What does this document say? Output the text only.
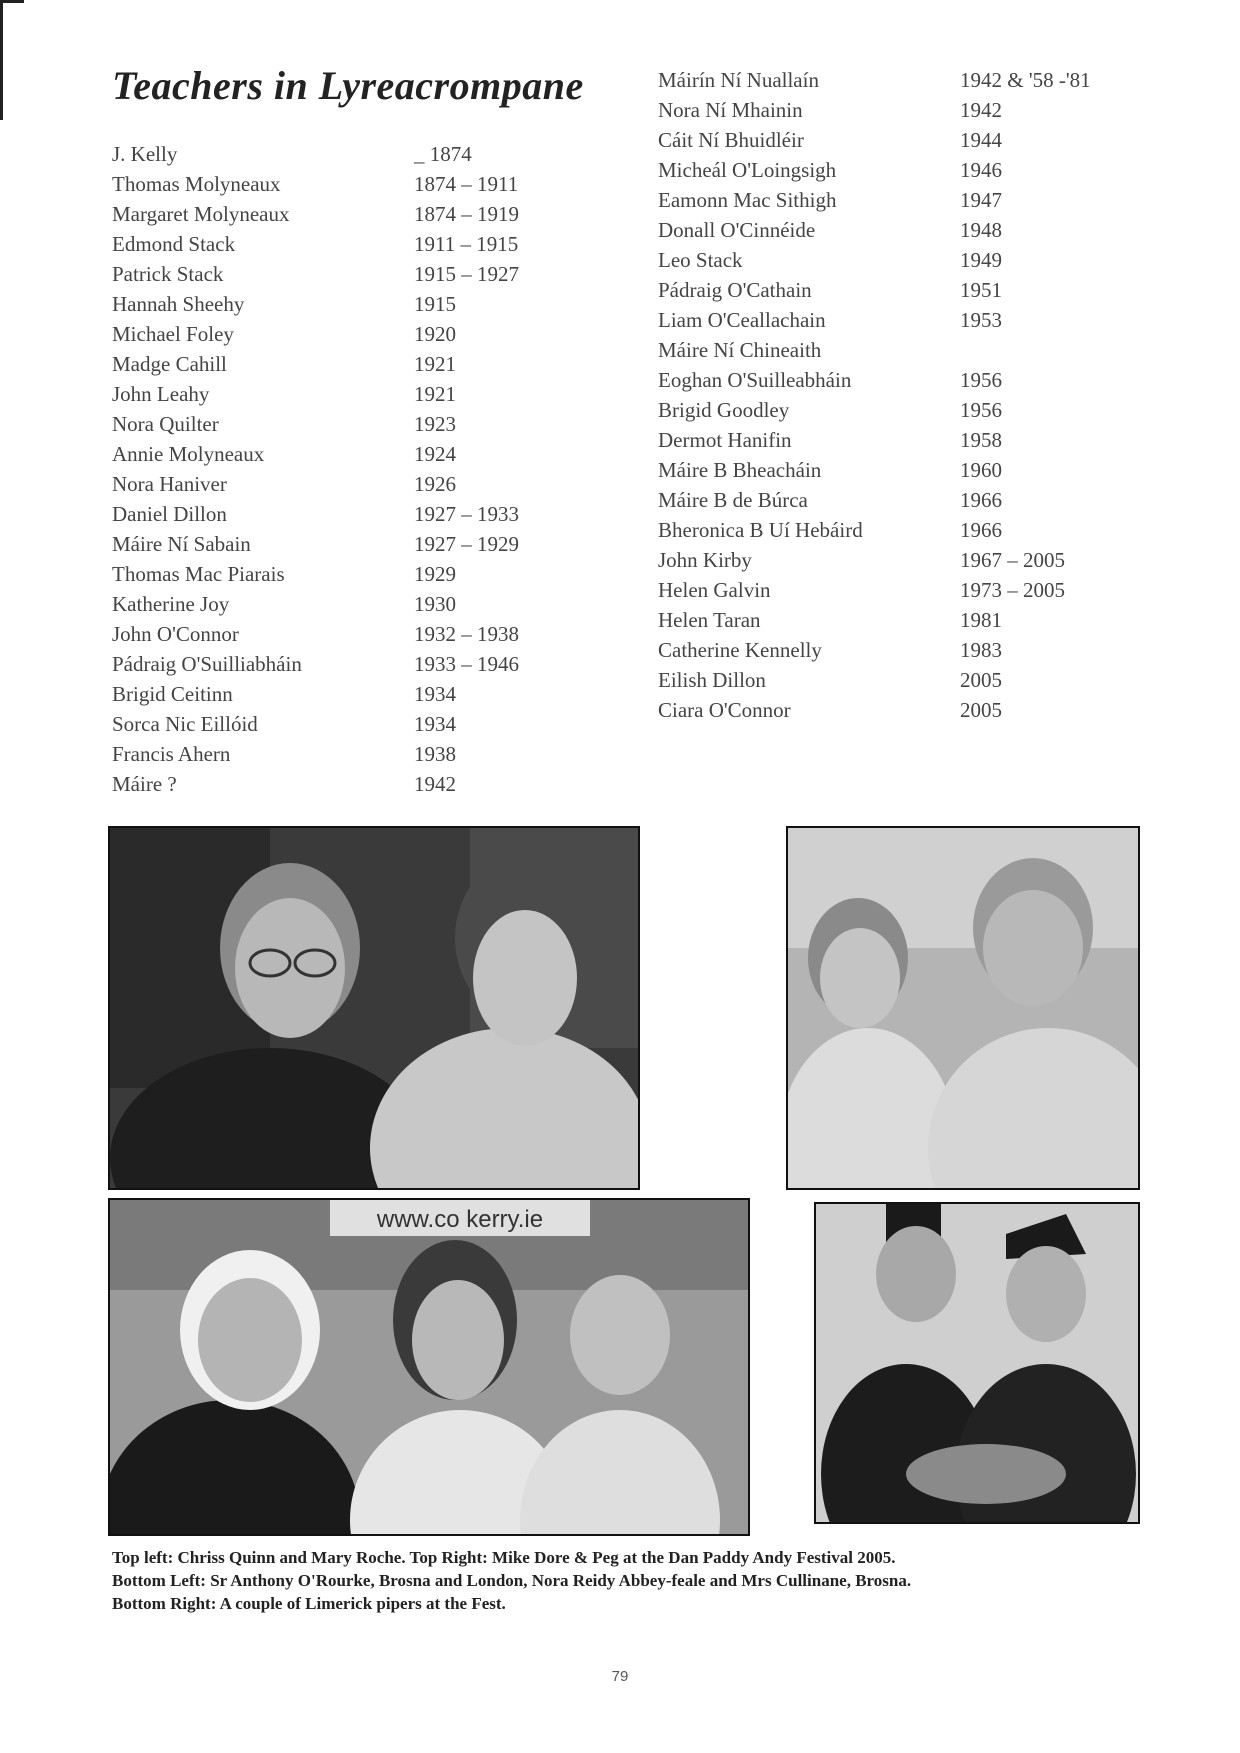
Teachers in Lyreacrompane
J. Kelly	_ 1874
Thomas Molyneaux	1874 – 1911
Margaret Molyneaux	1874 – 1919
Edmond Stack	1911 – 1915
Patrick Stack	1915 – 1927
Hannah Sheehy	1915
Michael Foley	1920
Madge Cahill	1921
John Leahy	1921
Nora Quilter	1923
Annie Molyneaux	1924
Nora Haniver	1926
Daniel Dillon	1927 – 1933
Máire Ní Sabain	1927 – 1929
Thomas Mac Piarais	1929
Katherine Joy	1930
John O'Connor	1932 – 1938
Pádraig O'Suilliabháin	1933 – 1946
Brigid Ceitinn	1934
Sorca Nic Eillóid	1934
Francis Ahern	1938
Máire ?	1942
Máirín Ní Nuallaín	1942 & '58 -'81
Nora Ní Mhainin	1942
Cáit Ní Bhuidléir	1944
Micheál O'Loingsigh	1946
Eamonn Mac Sithigh	1947
Donall O'Cinnéide	1948
Leo Stack	1949
Pádraig O'Cathain	1951
Liam O'Ceallachain	1953
Máire Ní Chineaith
Eoghan O'Suilleabháin	1956
Brigid Goodley	1956
Dermot Hanifin	1958
Máire B Bheacháin	1960
Máire B de Búrca	1966
Bheronica B Uí Hebáird	1966
John Kirby	1967 – 2005
Helen Galvin	1973 – 2005
Helen Taran	1981
Catherine Kennelly	1983
Eilish Dillon	2005
Ciara O'Connor	2005
www.co kerry.ie

Top left: Chriss Quinn and Mary Roche. Top Right: Mike Dore & Peg at the Dan Paddy Andy Festival 2005.

Bottom Left: Sr Anthony O'Rourke, Brosna and London, Nora Reidy Abbey-feale and Mrs Cullinane, Brosna.

Bottom Right: A couple of Limerick pipers at the Fest.

79
